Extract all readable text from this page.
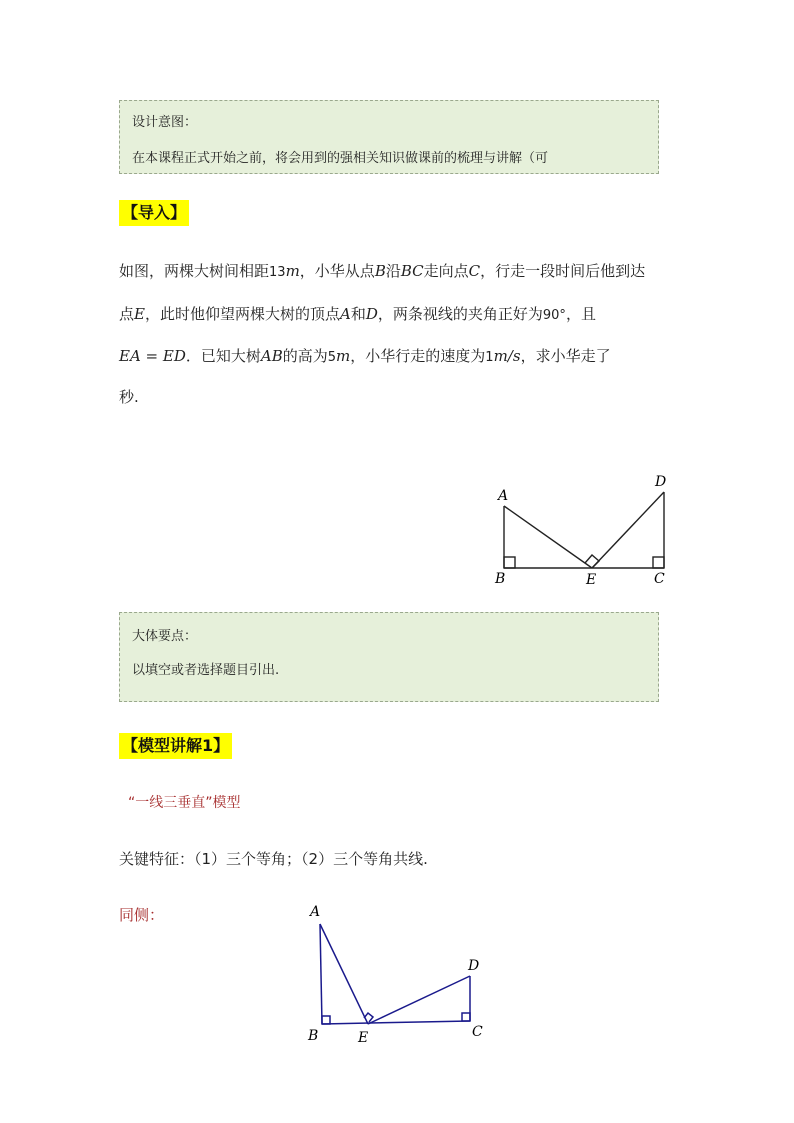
设计意图：
在本课程正式开始之前，将会用到的强相关知识做课前的梳理与讲解（可
【导入】
如图，两棵大树间相距13m，小华从点B沿BC走向点C，行走一段时间后他到达
点E，此时他仰望两棵大树的顶点A和D，两条视线的夹角正好为90°，且
EA = ED．已知大树AB的高为5m，小华行走的速度为1m/s，求小华走了
秒.
A
B	E	C
D
大体要点：
以填空或者选择题目引出.
【模型讲解1】
“一线三垂直”模型
关键特征：（1）三个等角；（2）三个等角共线.
同侧：	A
B	E	C
D
